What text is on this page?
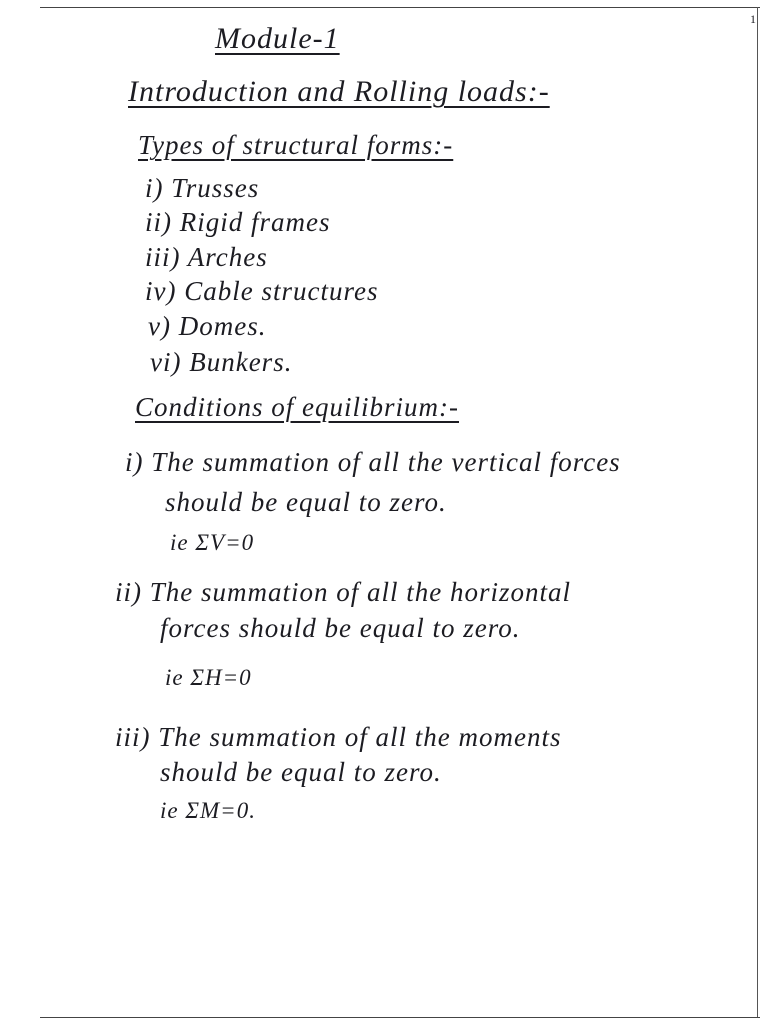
1
Module-1
Introduction and Rolling loads:-
Types of structural forms:-
i) Trusses
ii) Rigid frames
iii) Arches
iv) Cable structures
v) Domes.
vi) Bunkers.
Conditions of equilibrium:-
i) The summation of all the vertical forces
should be equal to zero.
ie ΣV=0
ii) The summation of all the horizontal
forces should be equal to zero.
ie ΣH=0
iii) The summation of all the moments
should be equal to zero.
ie ΣM=0.
